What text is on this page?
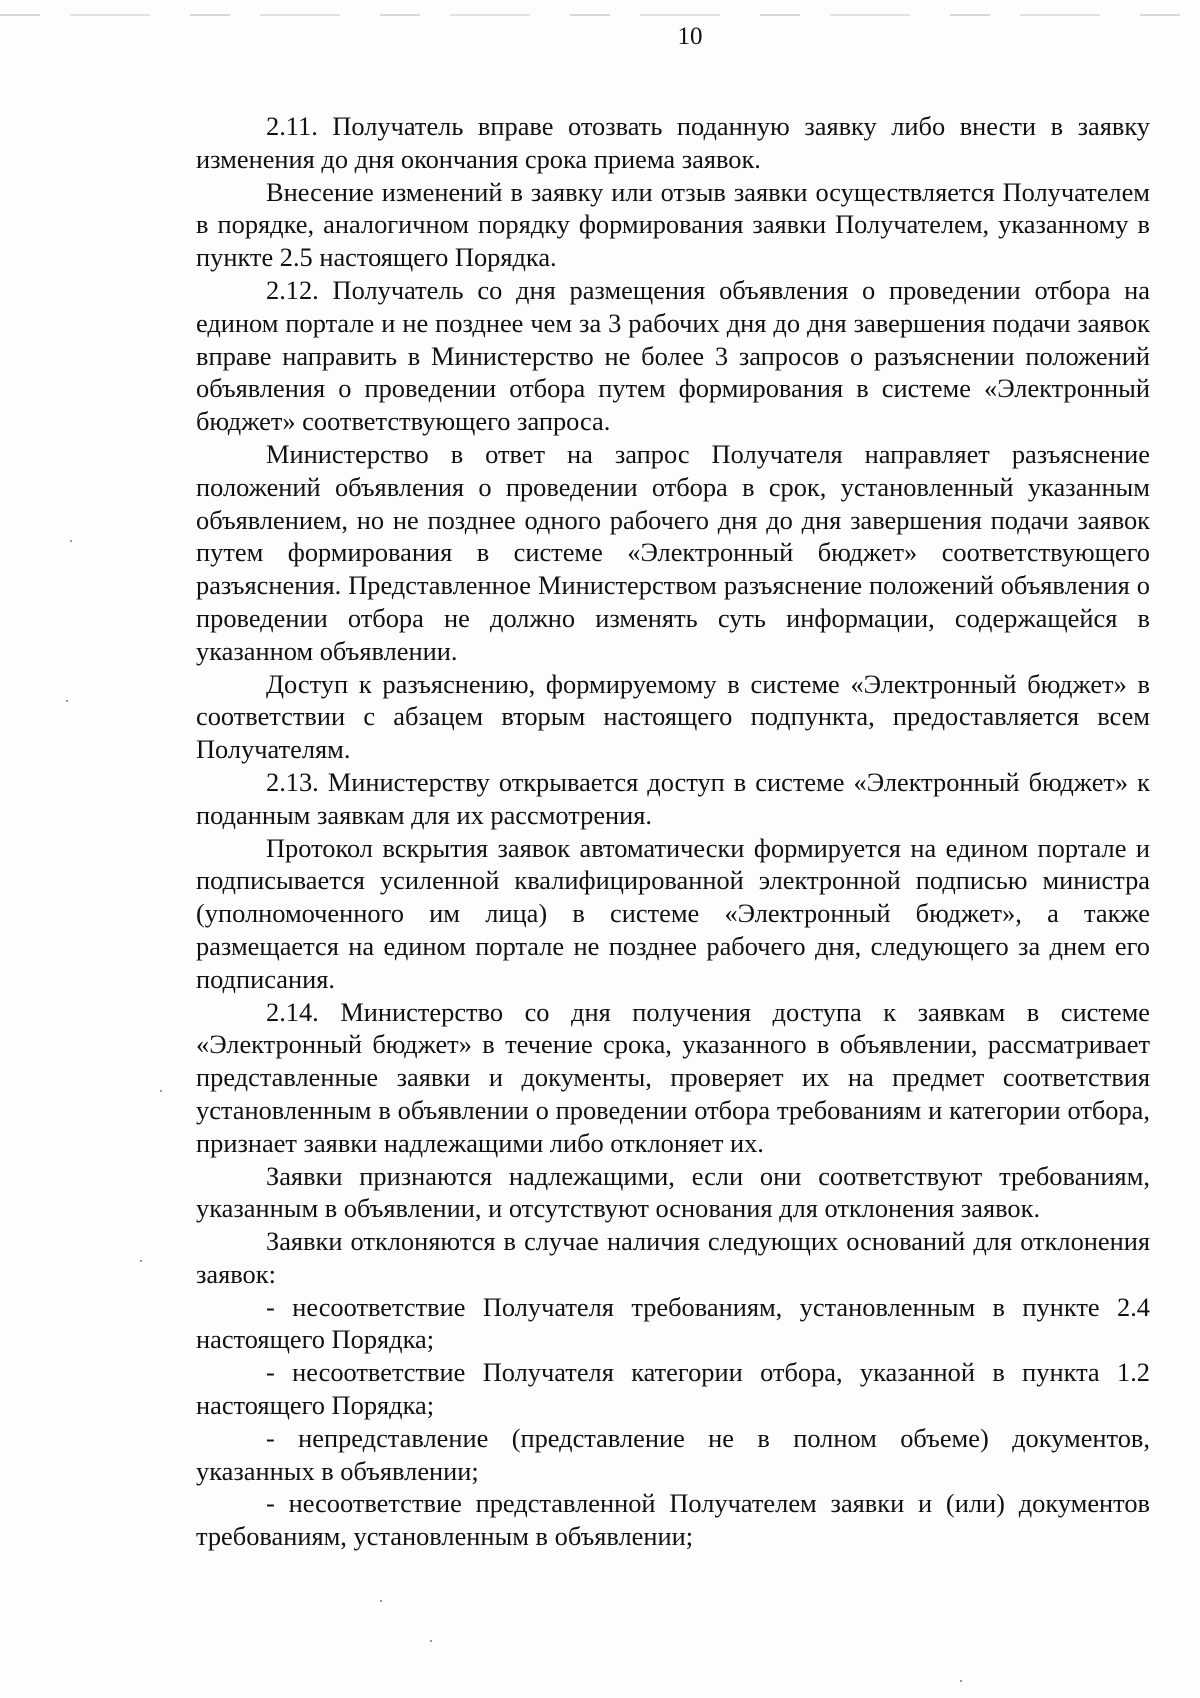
10

2.11. Получатель вправе отозвать поданную заявку либо внести в заявку изменения до дня окончания срока приема заявок.

Внесение изменений в заявку или отзыв заявки осуществляется Получателем в порядке, аналогичном порядку формирования заявки Получателем, указанному в пункте 2.5 настоящего Порядка.

2.12. Получатель со дня размещения объявления о проведении отбора на едином портале и не позднее чем за 3 рабочих дня до дня завершения подачи заявок вправе направить в Министерство не более 3 запросов о разъяснении положений объявления о проведении отбора путем формирования в системе «Электронный бюджет» соответствующего запроса.

Министерство в ответ на запрос Получателя направляет разъяснение положений объявления о проведении отбора в срок, установленный указанным объявлением, но не позднее одного рабочего дня до дня завершения подачи заявок путем формирования в системе «Электронный бюджет» соответствующего разъяснения. Представленное Министерством разъяснение положений объявления о проведении отбора не должно изменять суть информации, содержащейся в указанном объявлении.

Доступ к разъяснению, формируемому в системе «Электронный бюджет» в соответствии с абзацем вторым настоящего подпункта, предоставляется всем Получателям.

2.13. Министерству открывается доступ в системе «Электронный бюджет» к поданным заявкам для их рассмотрения.

Протокол вскрытия заявок автоматически формируется на едином портале и подписывается усиленной квалифицированной электронной подписью министра (уполномоченного им лица) в системе «Электронный бюджет», а также размещается на едином портале не позднее рабочего дня, следующего за днем его подписания.

2.14. Министерство со дня получения доступа к заявкам в системе «Электронный бюджет» в течение срока, указанного в объявлении, рассматривает представленные заявки и документы, проверяет их на предмет соответствия установленным в объявлении о проведении отбора требованиям и категории отбора, признает заявки надлежащими либо отклоняет их.

Заявки признаются надлежащими, если они соответствуют требованиям, указанным в объявлении, и отсутствуют основания для отклонения заявок.

Заявки отклоняются в случае наличия следующих оснований для отклонения заявок:

- несоответствие Получателя требованиям, установленным в пункте 2.4 настоящего Порядка;

- несоответствие Получателя категории отбора, указанной в пункта 1.2 настоящего Порядка;

- непредставление (представление не в полном объеме) документов, указанных в объявлении;

- несоответствие представленной Получателем заявки и (или) документов требованиям, установленным в объявлении;
